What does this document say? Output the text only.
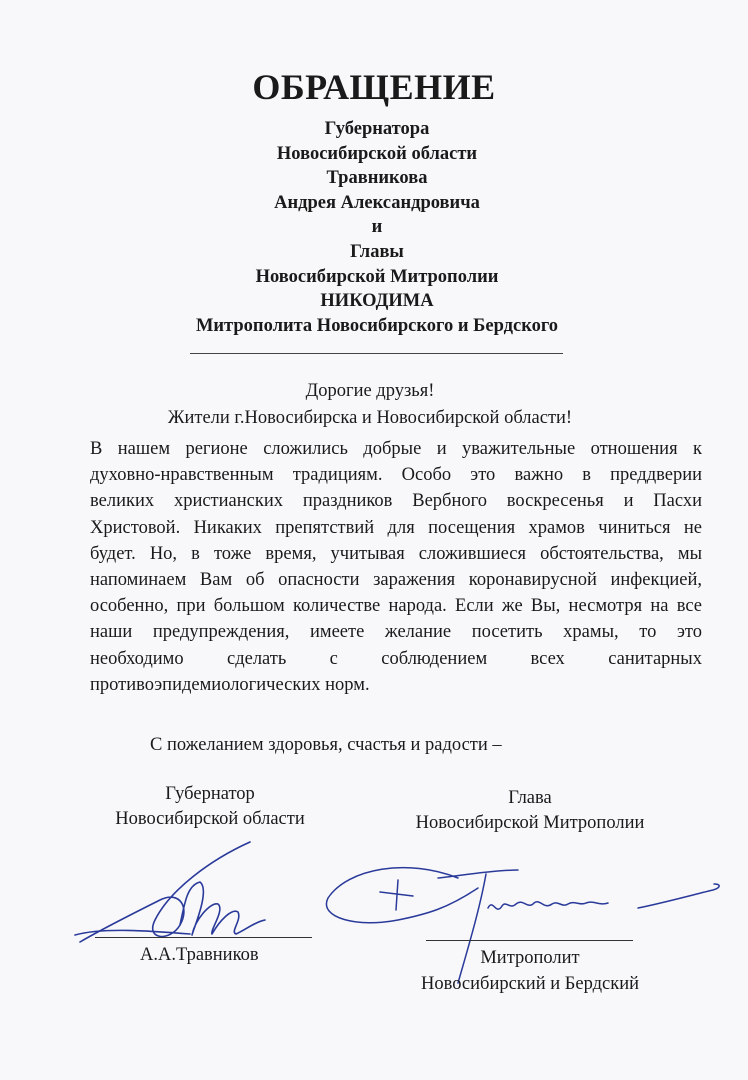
ОБРАЩЕНИЕ
Губернатора
Новосибирской области
Травникова
Андрея Александровича
и
Главы
Новосибирской Митрополии
НИКОДИМА
Митрополита Новосибирского и Бердского
Дорогие друзья!
Жители г.Новосибирска и Новосибирской области!
В нашем регионе сложились добрые и уважительные отношения к
духовно-нравственным традициям. Особо это важно в преддверии
великих христианских праздников Вербного воскресенья и Пасхи
Христовой. Никаких препятствий для посещения храмов чиниться не
будет. Но, в тоже время, учитывая сложившиеся обстоятельства, мы
напоминаем Вам об опасности заражения коронавирусной инфекцией,
особенно, при большом количестве народа. Если же Вы, несмотря на все
наши предупреждения, имеете желание посетить храмы, то это
необходимо сделать с соблюдением всех санитарных
противоэпидемиологических норм.
С пожеланием здоровья, счастья и радости –
Губернатор
Новосибирской области
Глава
Новосибирской Митрополии
А.А.Травников	Митрополит
Новосибирский и Бердский
